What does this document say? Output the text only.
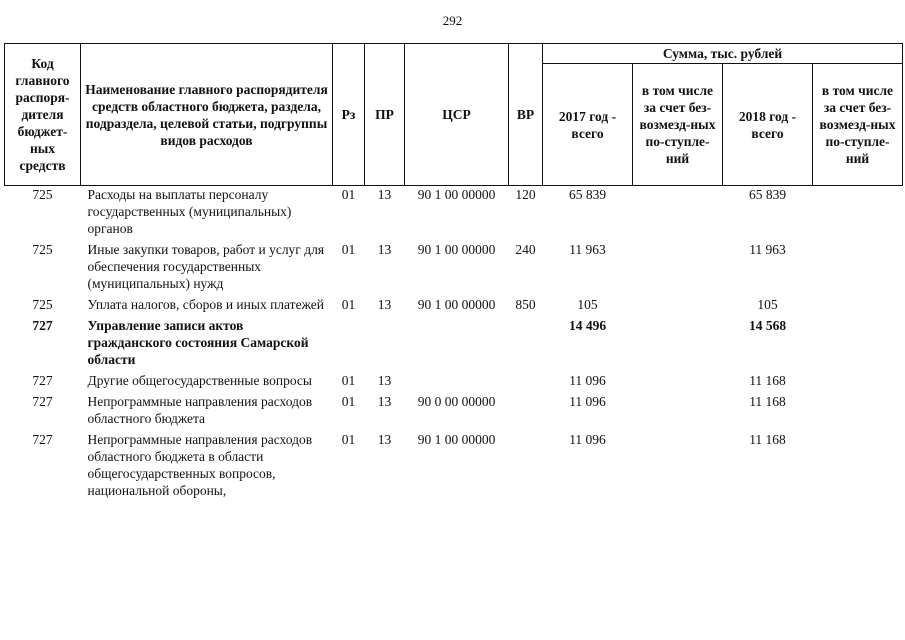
292
Код главного распоря-дителя бюджет-ных средств	Наименование главного распорядителя средств областного бюджета, раздела, подраздела, целевой статьи, подгруппы видов расходов	Рз	ПР	ЦСР	ВР	Сумма, тыс. рублей			
						2017 год - всего	в том числе за счет без-возмезд-ных по-ступле-ний	2018 год - всего	в том числе за счет без-возмезд-ных по-ступле-ний
725	Расходы на выплаты персоналу государственных (муниципальных) органов	01	13	90 1 00 00000	120	65 839		65 839	
725	Иные закупки товаров, работ и услуг для обеспечения государственных (муниципальных) нужд	01	13	90 1 00 00000	240	11 963		11 963	
725	Уплата налогов, сборов и иных платежей	01	13	90 1 00 00000	850	105		105	
727	Управление записи актов гражданского состояния Самарской области					14 496		14 568	
727	Другие общегосударственные вопросы	01	13			11 096		11 168	
727	Непрограммные направления расходов областного бюджета	01	13	90 0 00 00000		11 096		11 168	
727	Непрограммные направления расходов областного бюджета в области общегосударственных вопросов, национальной обороны,	01	13	90 1 00 00000		11 096		11 168	
